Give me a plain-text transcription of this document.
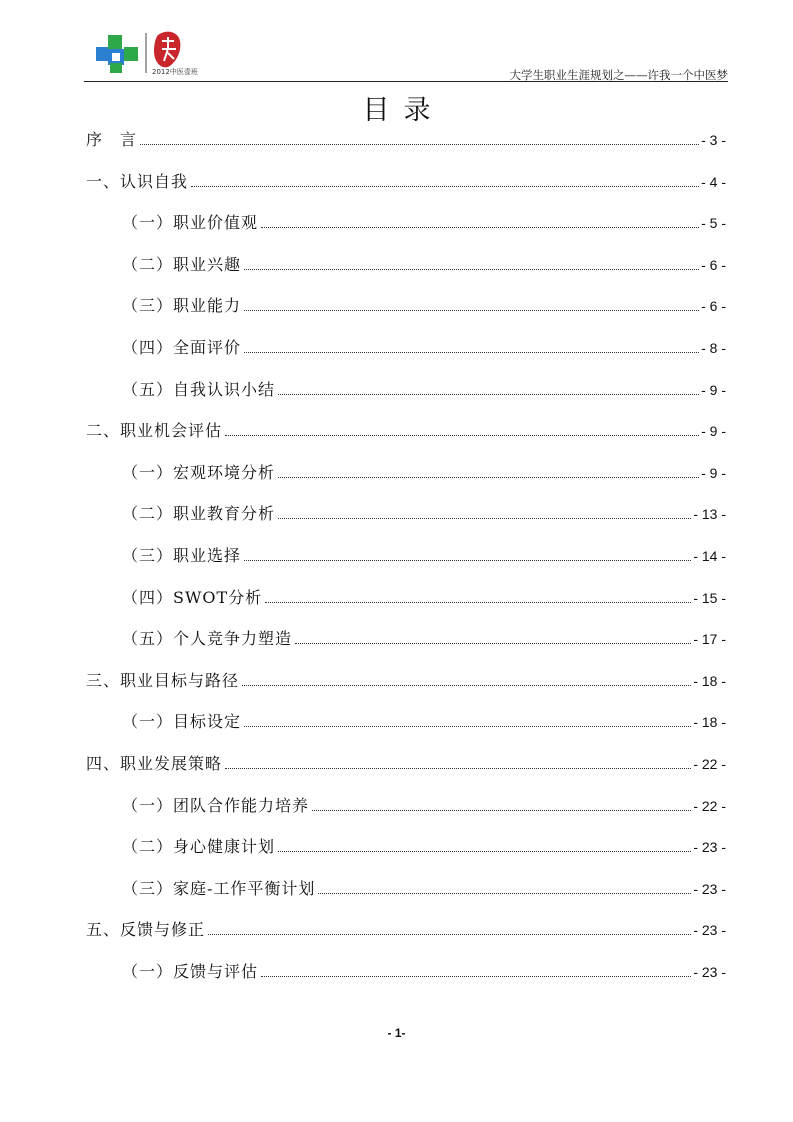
2012中医壹班	大学生职业生涯规划之——许我一个中医梦
目录
序　言	- 3 -
一、认识自我	- 4 -
（一）职业价值观	- 5 -
（二）职业兴趣	- 6 -
（三）职业能力	- 6 -
（四）全面评价	- 8 -
（五）自我认识小结	- 9 -
二、职业机会评估	- 9 -
（一）宏观环境分析	- 9 -
（二）职业教育分析	- 13 -
（三）职业选择	- 14 -
（四）SWOT分析	- 15 -
（五）个人竞争力塑造	- 17 -
三、职业目标与路径	- 18 -
（一）目标设定	- 18 -
四、职业发展策略	- 22 -
（一）团队合作能力培养	- 22 -
（二）身心健康计划	- 23 -
（三）家庭-工作平衡计划	- 23 -
五、反馈与修正	- 23 -
（一）反馈与评估	- 23 -
- 1-
